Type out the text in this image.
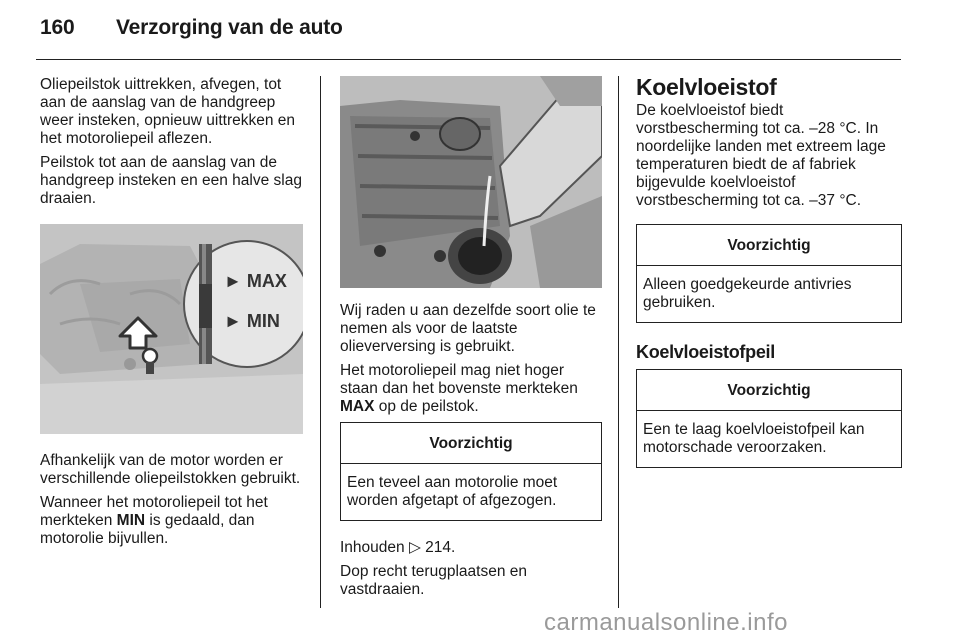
160 Verzorging van de auto

Oliepeilstok uittrekken, afvegen, tot aan de aanslag van de handgreep weer insteken, opnieuw uittrekken en het motoroliepeil aflezen.

Peilstok tot aan de aanslag van de handgreep insteken en een halve slag draaien.

► MAX
► MIN

Afhankelijk van de motor worden er verschillende oliepeilstokken gebruikt.

Wanneer het motoroliepeil tot het merkteken MIN is gedaald, dan motorolie bijvullen.

Wij raden u aan dezelfde soort olie te nemen als voor de laatste olieverversing is gebruikt.

Het motoroliepeil mag niet hoger staan dan het bovenste merkteken MAX op de peilstok.

Voorzichtig
Een teveel aan motorolie moet worden afgetapt of afgezogen.

Inhouden ▷ 214.

Dop recht terugplaatsen en vastdraaien.

Koelvloeistof

De koelvloeistof biedt vorstbescherming tot ca. –28 °C. In noordelijke landen met extreem lage temperaturen biedt de af fabriek bijgevulde koelvloeistof vorstbescherming tot ca. –37 °C.

Voorzichtig
Alleen goedgekeurde antivries gebruiken.
Koelvloeistofpeil
Voorzichtig
Een te laag koelvloeistofpeil kan motorschade veroorzaken.
carmanualsonline.info
